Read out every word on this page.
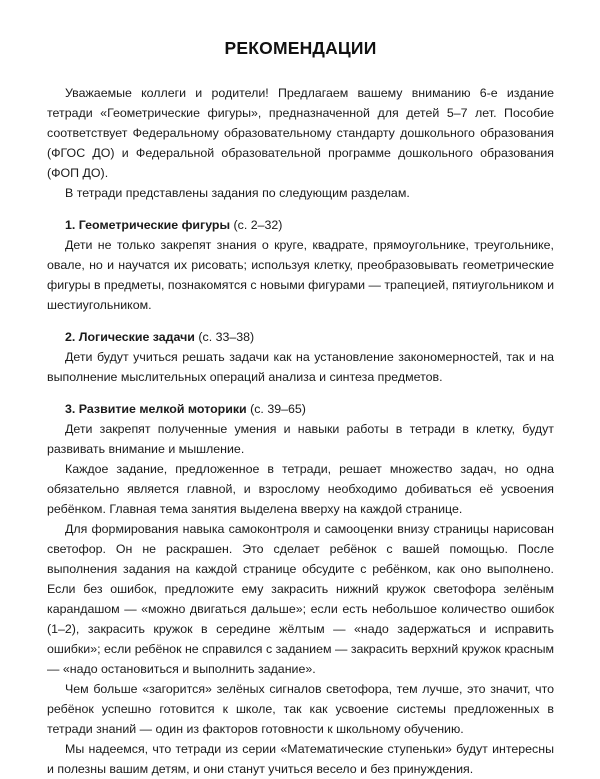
РЕКОМЕНДАЦИИ

Уважаемые коллеги и родители! Предлагаем вашему вниманию 6-е издание тетради «Геометрические фигуры», предназначенной для детей 5–7 лет. Пособие соответствует Федеральному образовательному стандарту дошкольного образования (ФГОС ДО) и Федеральной образовательной программе дошкольного образования (ФОП ДО).

В тетради представлены задания по следующим разделам.

1. Геометрические фигуры (с. 2–32)

Дети не только закрепят знания о круге, квадрате, прямоугольнике, треугольнике, овале, но и научатся их рисовать; используя клетку, преобразовывать геометрические фигуры в предметы, познакомятся с новыми фигурами — трапецией, пятиугольником и шестиугольником.

2. Логические задачи (с. 33–38)

Дети будут учиться решать задачи как на установление закономерностей, так и на выполнение мыслительных операций анализа и синтеза предметов.

3. Развитие мелкой моторики (с. 39–65)

Дети закрепят полученные умения и навыки работы в тетради в клетку, будут развивать внимание и мышление.

Каждое задание, предложенное в тетради, решает множество задач, но одна обязательно является главной, и взрослому необходимо добиваться её усвоения ребёнком. Главная тема занятия выделена вверху на каждой странице.

Для формирования навыка самоконтроля и самооценки внизу страницы нарисован светофор. Он не раскрашен. Это сделает ребёнок с вашей помощью. После выполнения задания на каждой странице обсудите с ребёнком, как оно выполнено. Если без ошибок, предложите ему закрасить нижний кружок светофора зелёным карандашом — «можно двигаться дальше»; если есть небольшое количество ошибок (1–2), закрасить кружок в середине жёлтым — «надо задержаться и исправить ошибки»; если ребёнок не справился с заданием — закрасить верхний кружок красным — «надо остановиться и выполнить задание».

Чем больше «загорится» зелёных сигналов светофора, тем лучше, это значит, что ребёнок успешно готовится к школе, так как усвоение системы предложенных в тетради знаний — один из факторов готовности к школьному обучению.

Мы надеемся, что тетради из серии «Математические ступеньки» будут интересны и полезны вашим детям, и они станут учиться весело и без принуждения.
